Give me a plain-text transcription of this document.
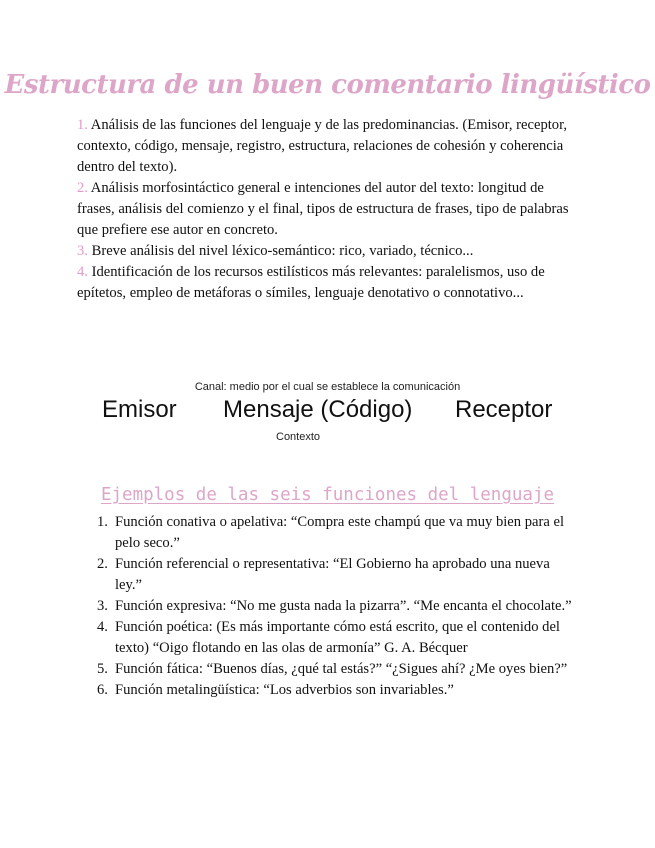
Estructura de un buen comentario lingüístico

1. Análisis de las funciones del lenguaje y de las predominancias. (Emisor, receptor, contexto, código, mensaje, registro, estructura, relaciones de cohesión y coherencia dentro del texto).

2. Análisis morfosintáctico general e intenciones del autor del texto: longitud de frases, análisis del comienzo y el final, tipos de estructura de frases, tipo de palabras que prefiere ese autor en concreto.

3. Breve análisis del nivel léxico-semántico: rico, variado, técnico...

4. Identificación de los recursos estilísticos más relevantes: paralelismos, uso de epítetos, empleo de metáforas o símiles, lenguaje denotativo o connotativo...

Canal: medio por el cual se establece la comunicación
Emisor Mensaje (Código) Receptor
Contexto
Ejemplos de las seis funciones del lenguaje

1. Función conativa o apelativa: “Compra este champú que va muy bien para el pelo seco.”

2. Función referencial o representativa: “El Gobierno ha aprobado una nueva ley.”

3. Función expresiva: “No me gusta nada la pizarra”. “Me encanta el chocolate.”

4. Función poética: (Es más importante cómo está escrito, que el contenido del texto) “Oigo flotando en las olas de armonía” G. A. Bécquer

5. Función fática: “Buenos días, ¿qué tal estás?” “¿Sigues ahí? ¿Me oyes bien?”

6. Función metalingüística: “Los adverbios son invariables.”
